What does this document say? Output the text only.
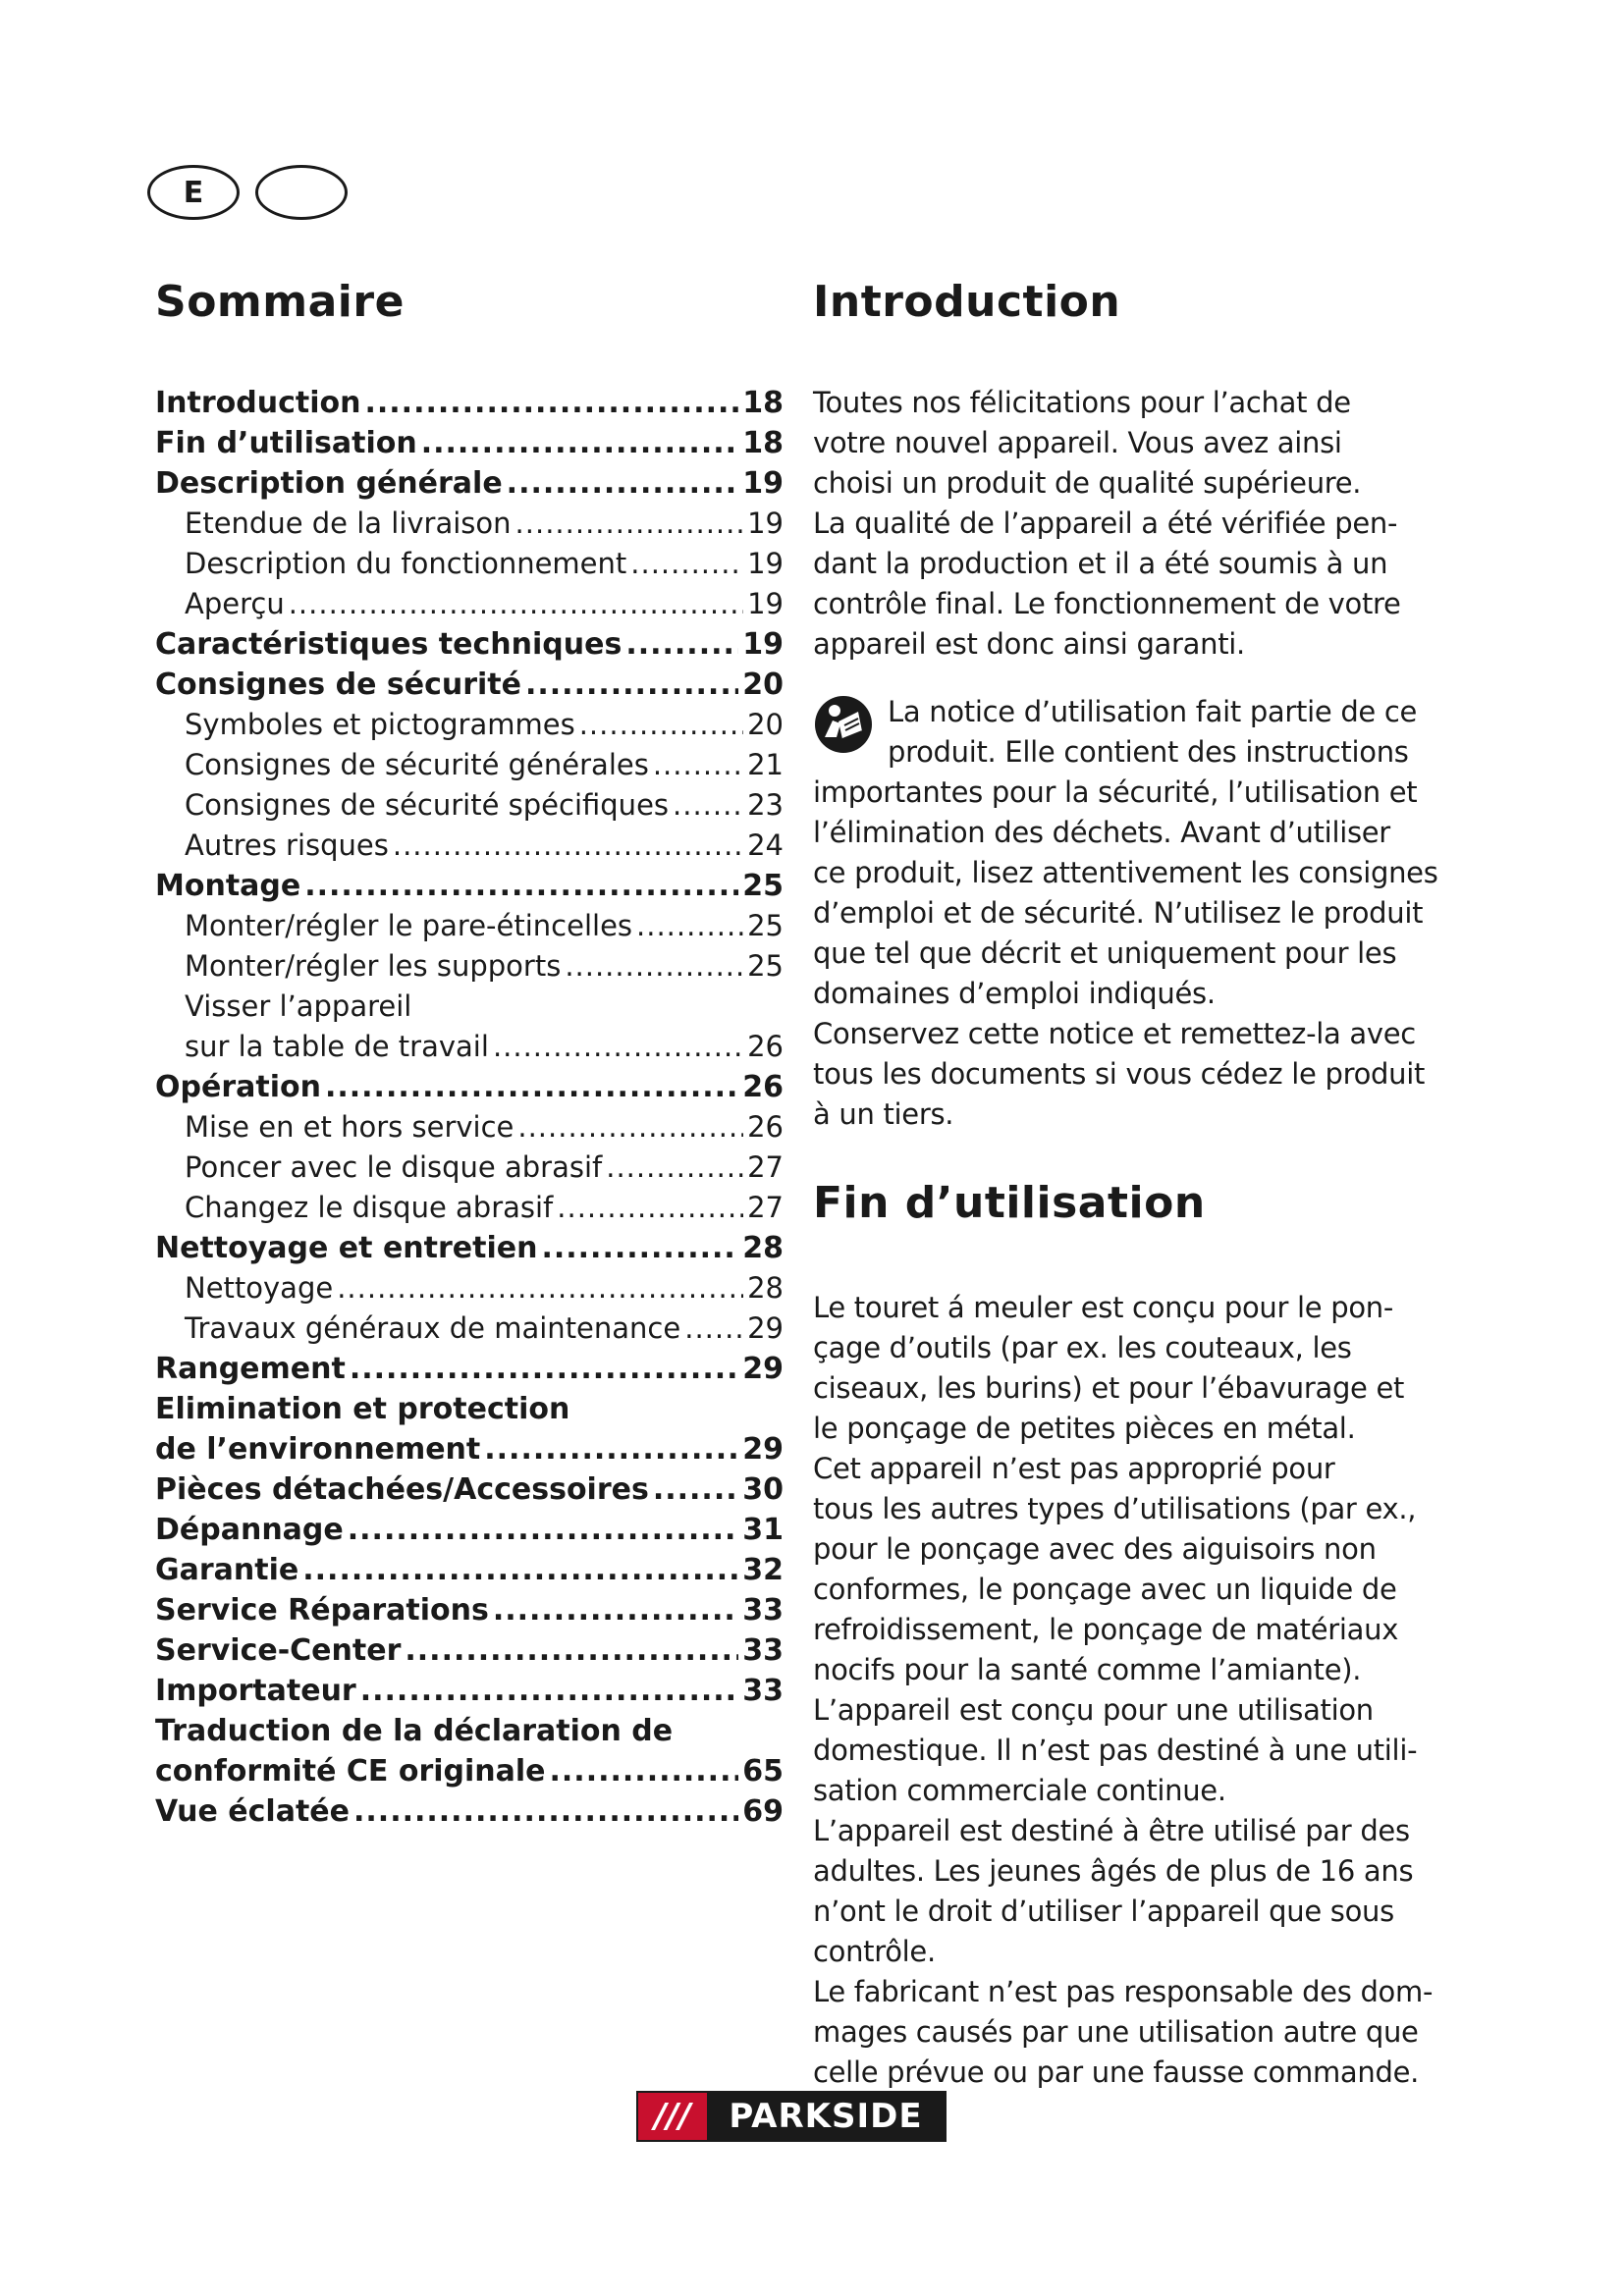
E
Sommaire
Introduction .....	18
Fin d’utilisation .....	18
Description générale .....	19
Etendue de la livraison .....	19
Description du fonctionnement .....	19
Aperçu .....	19
Caractéristiques techniques .....	19
Consignes de sécurité .....	20
Symboles et pictogrammes .....	20
Consignes de sécurité générales .....	21
Consignes de sécurité spécifiques .....	23
Autres risques .....	24
Montage .....	25
Monter/régler le pare-étincelles .....	25
Monter/régler les supports .....	25
Visser l’appareil
sur la table de travail .....	26
Opération .....	26
Mise en et hors service .....	26
Poncer avec le disque abrasif .....	27
Changez le disque abrasif .....	27
Nettoyage et entretien .....	28
Nettoyage .....	28
Travaux généraux de maintenance ..... 29
Rangement .....	29
Elimination et protection
de l’environnement .....	29
Pièces détachées/Accessoires .....	30
Dépannage .....	31
Garantie .....	32
Service Réparations .....	33
Service-Center .....	33
Importateur .....	33
Traduction de la déclaration de
conformité CE originale .....	65
Vue éclatée .....	69
Introduction
Toutes nos félicitations pour l’achat de
votre nouvel appareil. Vous avez ainsi
choisi un produit de qualité supérieure.
La qualité de l’appareil a été vérifiée pen-
dant la production et il a été soumis à un
contrôle final. Le fonctionnement de votre
appareil est donc ainsi garanti.
La notice d’utilisation fait partie de ce
produit. Elle contient des instructions
importantes pour la sécurité, l’utilisation et
l’élimination des déchets. Avant d’utiliser
ce produit, lisez attentivement les consignes
d’emploi et de sécurité. N’utilisez le produit
que tel que décrit et uniquement pour les
domaines d’emploi indiqués.
Conservez cette notice et remettez-la avec
tous les documents si vous cédez le produit
à un tiers.
Fin d’utilisation
Le touret á meuler est conçu pour le pon-
çage d’outils (par ex. les couteaux, les
ciseaux, les burins) et pour l’ébavurage et
le ponçage de petites pièces en métal.
Cet appareil n’est pas approprié pour
tous les autres types d’utilisations (par ex.,
pour le ponçage avec des aiguisoirs non
conformes, le ponçage avec un liquide de
refroidissement, le ponçage de matériaux
nocifs pour la santé comme l’amiante).
L’appareil est conçu pour une utilisation
domestique. Il n’est pas destiné à une utili-
sation commerciale continue.
L’appareil est destiné à être utilisé par des
adultes. Les jeunes âgés de plus de 16 ans
n’ont le droit d’utiliser l’appareil que sous
contrôle.
Le fabricant n’est pas responsable des dom-
mages causés par une utilisation autre que
celle prévue ou par une fausse commande.
///	PARKSIDE
